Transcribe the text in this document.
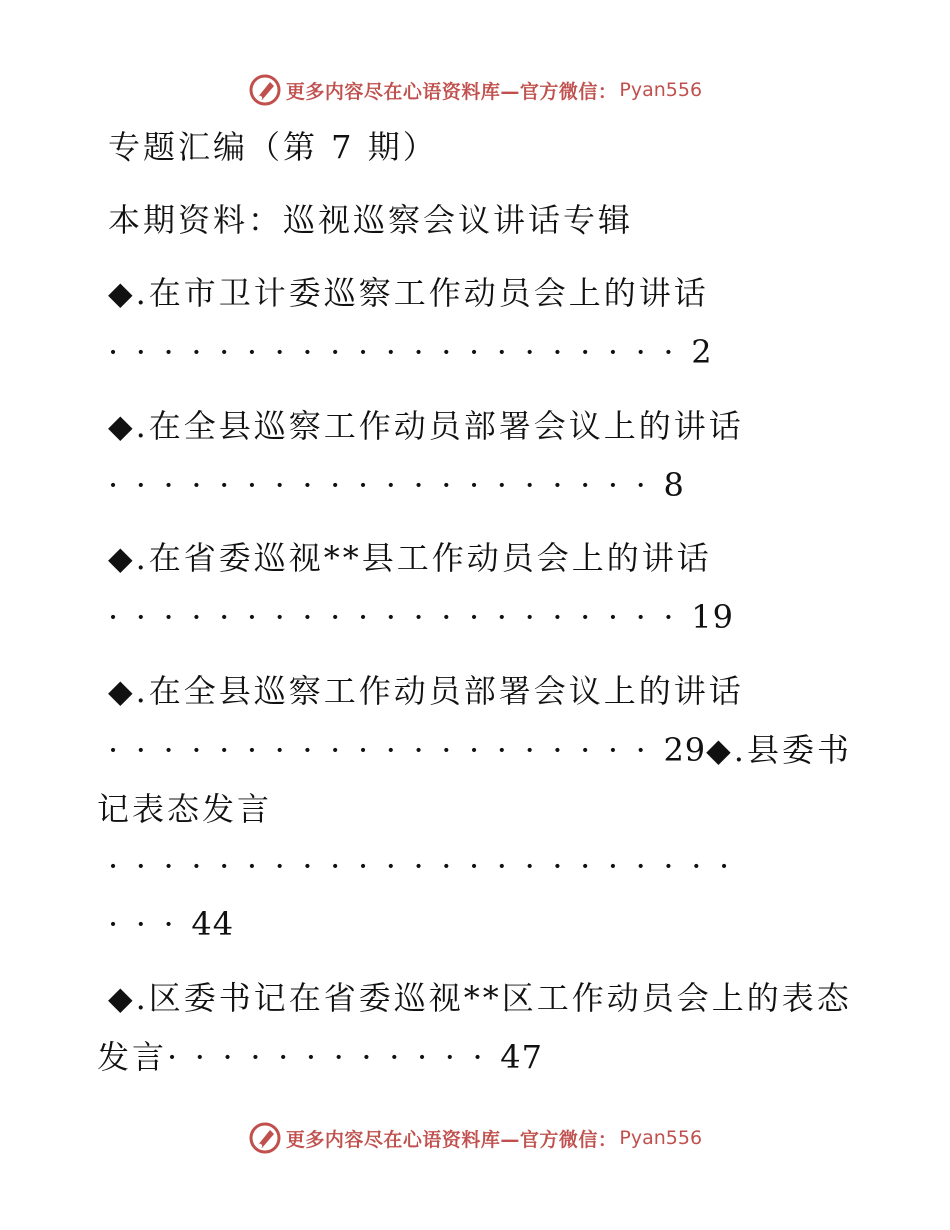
更多内容尽在心语资料库—官方微信： Pyan556
专题汇编（第 7 期）
本期资料：巡视巡察会议讲话专辑
◆.在市卫计委巡察工作动员会上的讲话
·····················2
◆.在全县巡察工作动员部署会议上的讲话
····················8
◆.在省委巡视**县工作动员会上的讲话
·····················19
◆.在全县巡察工作动员部署会议上的讲话
····················29◆.县委书
记表态发言
·······················
···44
◆.区委书记在省委巡视**区工作动员会上的表态
发言············47
更多内容尽在心语资料库—官方微信： Pyan556
